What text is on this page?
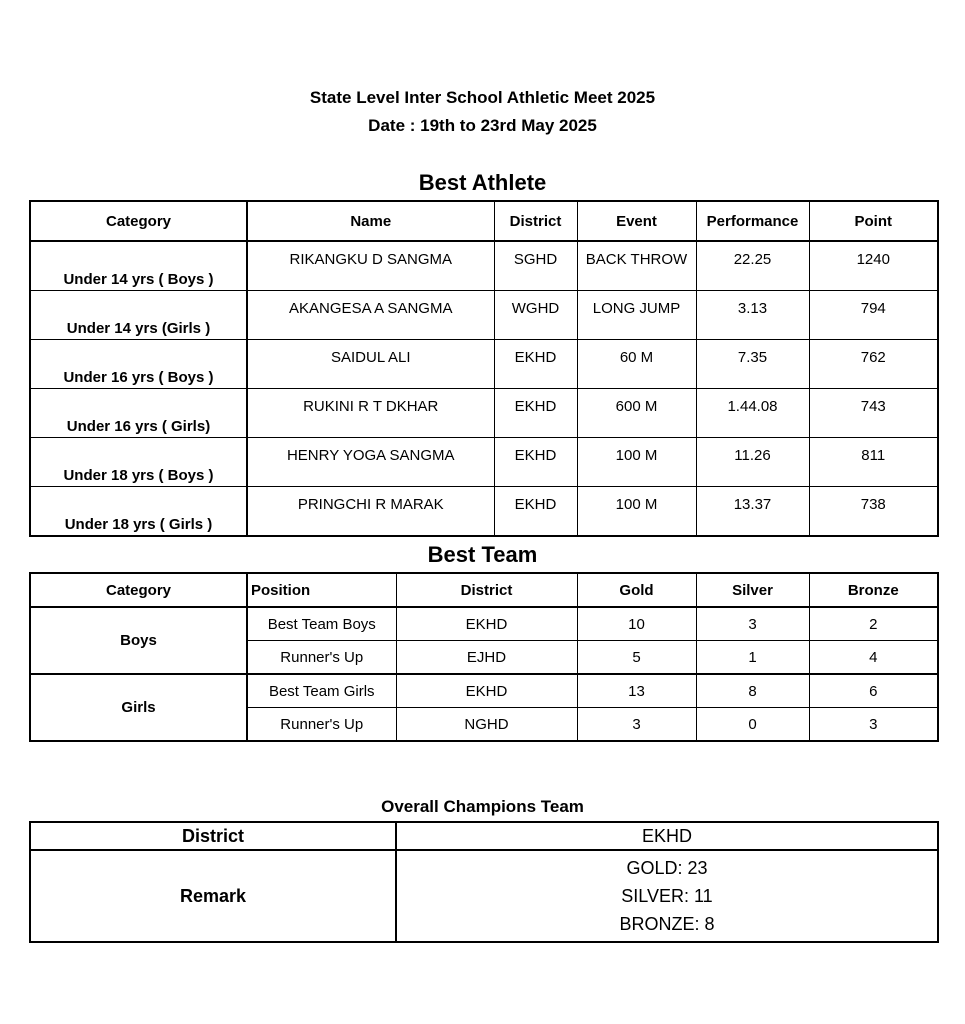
State Level Inter School Athletic Meet 2025
Date : 19th to 23rd May 2025
Best Athlete
Category	Name	District	Event	Performance	Point
Under 14 yrs ( Boys )	RIKANGKU D SANGMA	SGHD	BACK THROW	22.25	1240
Under 14 yrs (Girls )	AKANGESA A SANGMA	WGHD	LONG JUMP	3.13	794
Under 16 yrs ( Boys )	SAIDUL ALI	EKHD	60 M	7.35	762
Under 16 yrs ( Girls)	RUKINI R T DKHAR	EKHD	600 M	1.44.08	743
Under 18 yrs ( Boys )	HENRY YOGA SANGMA	EKHD	100 M	11.26	811
Under 18 yrs ( Girls )	PRINGCHI R MARAK	EKHD	100 M	13.37	738
Best Team
Category	Position	District	Gold	Silver	Bronze
Boys	Best Team Boys	EKHD	10	3	2
	Runner's Up	EJHD	5	1	4
Girls	Best Team Girls	EKHD	13	8	6
	Runner's Up	NGHD	3	0	3
Overall Champions Team
District	EKHD
Remark	GOLD: 23
SILVER: 11
BRONZE: 8
